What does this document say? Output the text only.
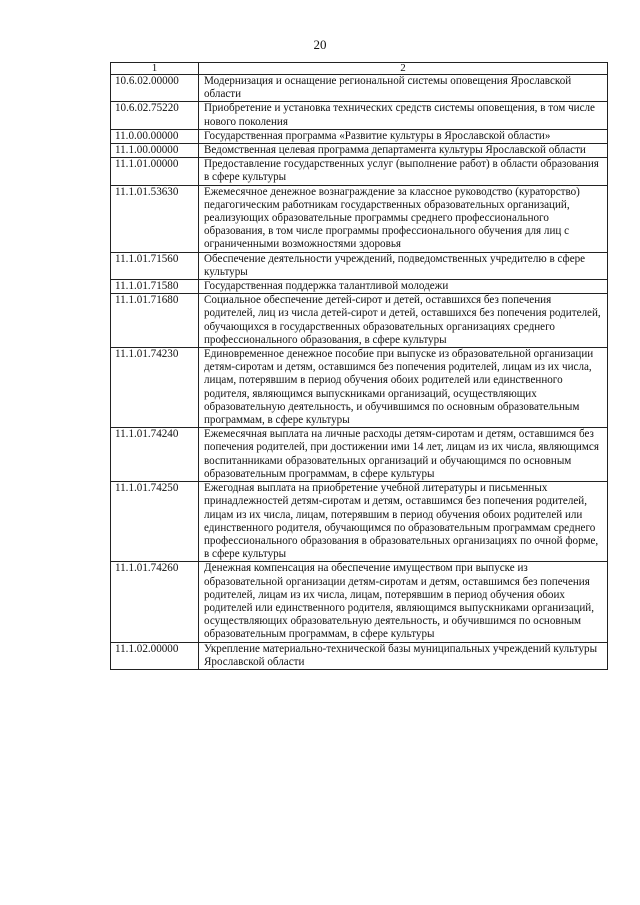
20
1	2
10.6.02.00000	Модернизация и оснащение региональной системы оповещения Ярославской области
10.6.02.75220	Приобретение и установка технических средств системы оповещения, в том числе нового поколения
11.0.00.00000	Государственная программа «Развитие культуры в Ярославской области»
11.1.00.00000	Ведомственная целевая программа департамента культуры Ярославской области
11.1.01.00000	Предоставление государственных услуг (выполнение работ) в области образования в сфере культуры
11.1.01.53630	Ежемесячное денежное вознаграждение за классное руководство (кураторство) педагогическим работникам государственных образовательных организаций, реализующих образовательные программы среднего профессионального образования, в том числе программы профессионального обучения для лиц с ограниченными возможностями здоровья
11.1.01.71560	Обеспечение деятельности учреждений, подведомственных учредителю в сфере культуры
11.1.01.71580	Государственная поддержка талантливой молодежи
11.1.01.71680	Социальное обеспечение детей-сирот и детей, оставшихся без попечения родителей, лиц из числа детей-сирот и детей, оставшихся без попечения родителей, обучающихся в государственных образовательных организациях среднего профессионального образования, в сфере культуры
11.1.01.74230	Единовременное денежное пособие при выпуске из образовательной организации детям-сиротам и детям, оставшимся без попечения родителей, лицам из их числа, лицам, потерявшим в период обучения обоих родителей или единственного родителя, являющимся выпускниками организаций, осуществляющих образовательную деятельность, и обучившимся по основным образовательным программам, в сфере культуры
11.1.01.74240	Ежемесячная выплата на личные расходы детям-сиротам и детям, оставшимся без попечения родителей, при достижении ими 14 лет, лицам из их числа, являющимся воспитанниками образовательных организаций и обучающимся по основным образовательным программам, в сфере культуры
11.1.01.74250	Ежегодная выплата на приобретение учебной литературы и письменных принадлежностей детям-сиротам и детям, оставшимся без попечения родителей, лицам из их числа, лицам, потерявшим в период обучения обоих родителей или единственного родителя, обучающимся по образовательным программам среднего профессионального образования в образовательных организациях по очной форме, в сфере культуры
11.1.01.74260	Денежная компенсация на обеспечение имуществом при выпуске из образовательной организации детям-сиротам и детям, оставшимся без попечения родителей, лицам из их числа, лицам, потерявшим в период обучения обоих родителей или единственного родителя, являющимся выпускниками организаций, осуществляющих образовательную деятельность, и обучившимся по основным образовательным программам, в сфере культуры
11.1.02.00000	Укрепление материально-технической базы муниципальных учреждений культуры Ярославской области
